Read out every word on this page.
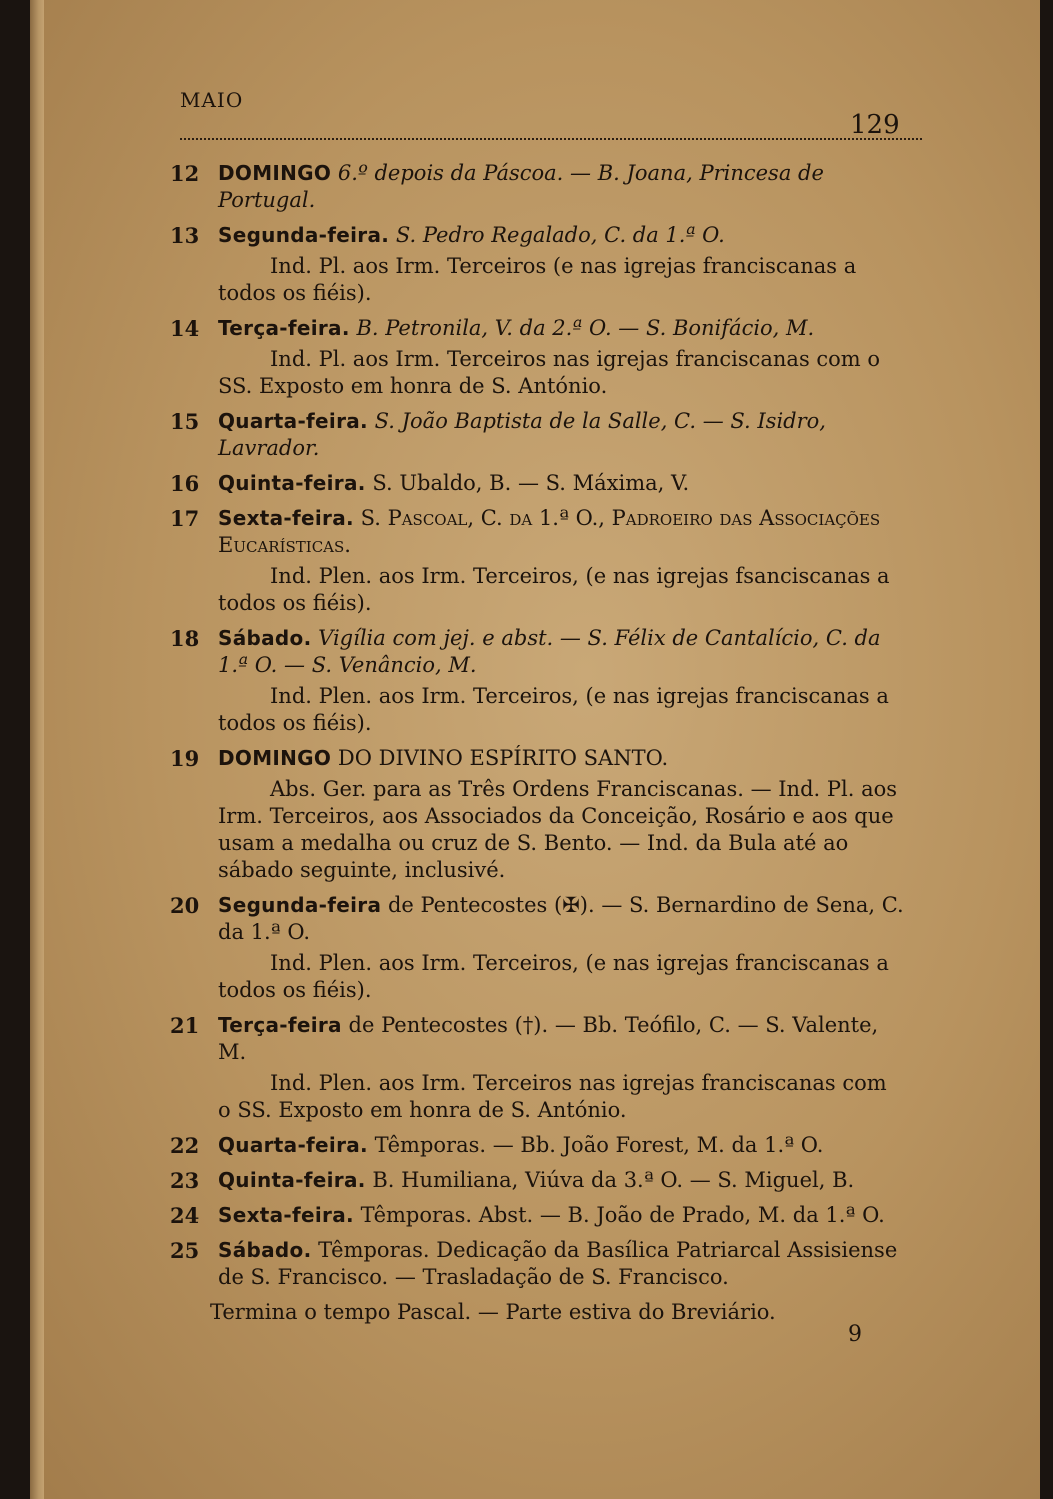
MAIO
129
12 DOMINGO 6.º depois da Páscoa. — B. Joana, Princesa de Portugal.
13 Segunda-feira. S. Pedro Regalado, C. da 1.ª O.
Ind. Pl. aos Irm. Terceiros (e nas igrejas franciscanas a todos os fiéis).
14 Terça-feira. B. Petronila, V. da 2.ª O. — S. Bonifácio, M.
Ind. Pl. aos Irm. Terceiros nas igrejas franciscanas com o SS. Exposto em honra de S. António.
15 Quarta-feira. S. João Baptista de la Salle, C. — S. Isidro, Lavrador.
16 Quinta-feira. S. Ubaldo, B. — S. Máxima, V.
17 Sexta-feira. S. Pascoal, C. da 1.ª O., Padroeiro das Associações Eucarísticas.
Ind. Plen. aos Irm. Terceiros, (e nas igrejas fsanciscanas a todos os fiéis).
18 Sábado. Vigília com jej. e abst. — S. Félix de Cantalício, C. da 1.ª O. — S. Venâncio, M.
Ind. Plen. aos Irm. Terceiros, (e nas igrejas franciscanas a todos os fiéis).
19 DOMINGO DO DIVINO ESPÍRITO SANTO.
Abs. Ger. para as Três Ordens Franciscanas. — Ind. Pl. aos Irm. Terceiros, aos Associados da Conceição, Rosário e aos que usam a medalha ou cruz de S. Bento. — Ind. da Bula até ao sábado seguinte, inclusivé.
20 Segunda-feira de Pentecostes (✠). — S. Bernardino de Sena, C. da 1.ª O.
Ind. Plen. aos Irm. Terceiros, (e nas igrejas franciscanas a todos os fiéis).
21 Terça-feira de Pentecostes (†). — Bb. Teófilo, C. — S. Valente, M.
Ind. Plen. aos Irm. Terceiros nas igrejas franciscanas com o SS. Exposto em honra de S. António.
22 Quarta-feira. Têmporas. — Bb. João Forest, M. da 1.ª O.
23 Quinta-feira. B. Humiliana, Viúva da 3.ª O. — S. Miguel, B.
24 Sexta-feira. Têmporas. Abst. — B. João de Prado, M. da 1.ª O.
25 Sábado. Têmporas. Dedicação da Basílica Patriarcal Assisiense de S. Francisco. — Trasladação de S. Francisco.
Termina o tempo Pascal. — Parte estiva do Breviário.
9
